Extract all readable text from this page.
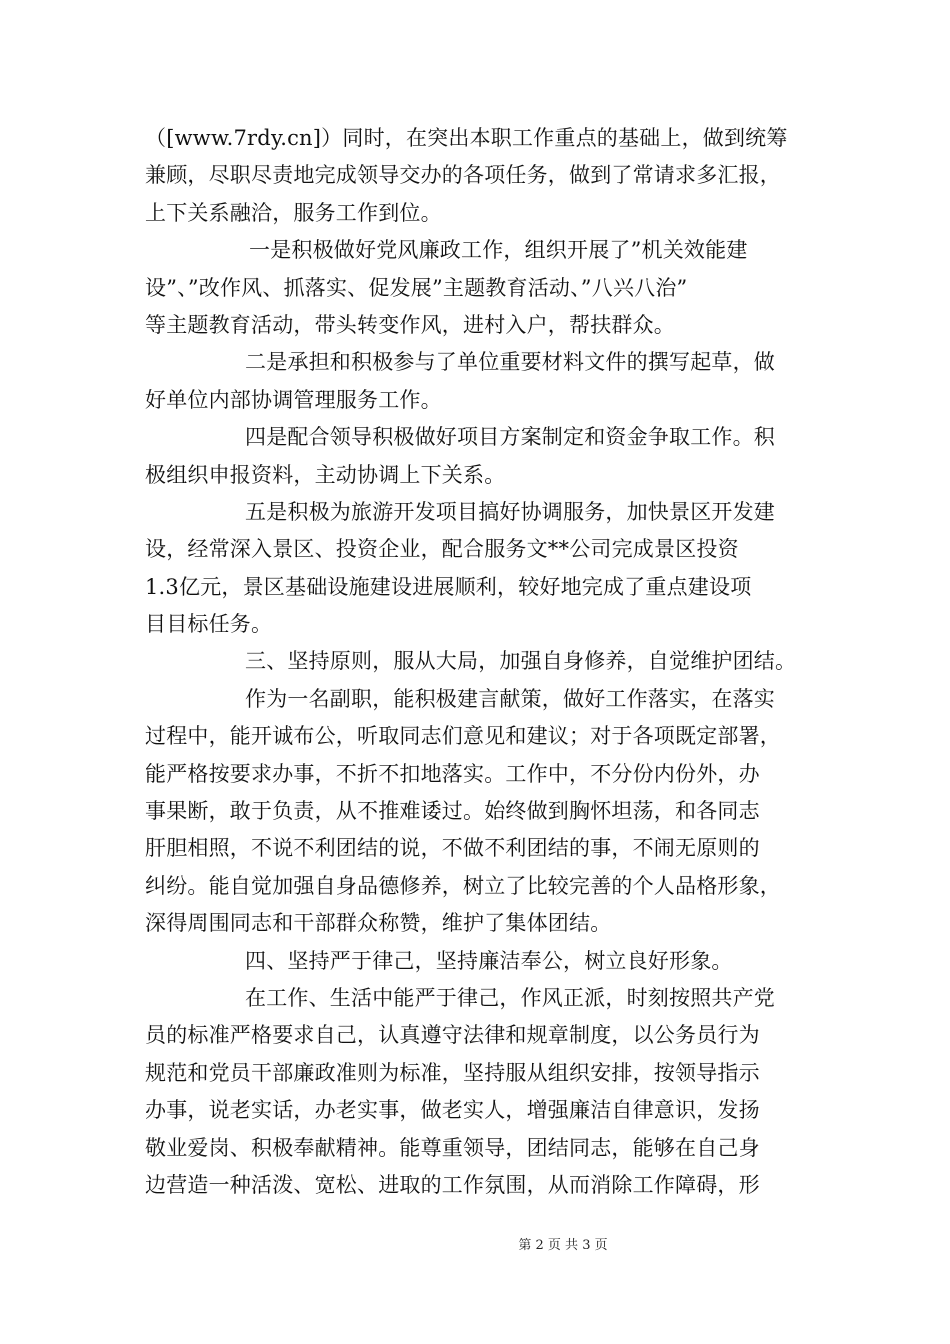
（[www.7rdy.cn]）同时，在突出本职工作重点的基础上，做到统筹
兼顾，尽职尽责地完成领导交办的各项任务，做到了常请求多汇报，
上下关系融洽，服务工作到位。
一是积极做好党风廉政工作，组织开展了”机关效能建
设”、”改作风、抓落实、促发展”主题教育活动、”八兴八治”
等主题教育活动，带头转变作风，进村入户，帮扶群众。
二是承担和积极参与了单位重要材料文件的撰写起草，做
好单位内部协调管理服务工作。
四是配合领导积极做好项目方案制定和资金争取工作。积
极组织申报资料，主动协调上下关系。
五是积极为旅游开发项目搞好协调服务，加快景区开发建
设，经常深入景区、投资企业，配合服务文**公司完成景区投资
1.3亿元，景区基础设施建设进展顺利，较好地完成了重点建设项
目目标任务。
三、坚持原则，服从大局，加强自身修养，自觉维护团结。
作为一名副职，能积极建言献策，做好工作落实，在落实
过程中，能开诚布公，听取同志们意见和建议；对于各项既定部署，
能严格按要求办事，不折不扣地落实。工作中，不分份内份外，办
事果断，敢于负责，从不推难诿过。始终做到胸怀坦荡，和各同志
肝胆相照，不说不利团结的说，不做不利团结的事，不闹无原则的
纠纷。能自觉加强自身品德修养，树立了比较完善的个人品格形象，
深得周围同志和干部群众称赞，维护了集体团结。
四、坚持严于律己，坚持廉洁奉公，树立良好形象。
在工作、生活中能严于律己，作风正派，时刻按照共产党
员的标准严格要求自己，认真遵守法律和规章制度，以公务员行为
规范和党员干部廉政准则为标准，坚持服从组织安排，按领导指示
办事，说老实话，办老实事，做老实人，增强廉洁自律意识，发扬
敬业爱岗、积极奉献精神。能尊重领导，团结同志，能够在自己身
边营造一种活泼、宽松、进取的工作氛围，从而消除工作障碍，形
第 2 页 共 3 页
